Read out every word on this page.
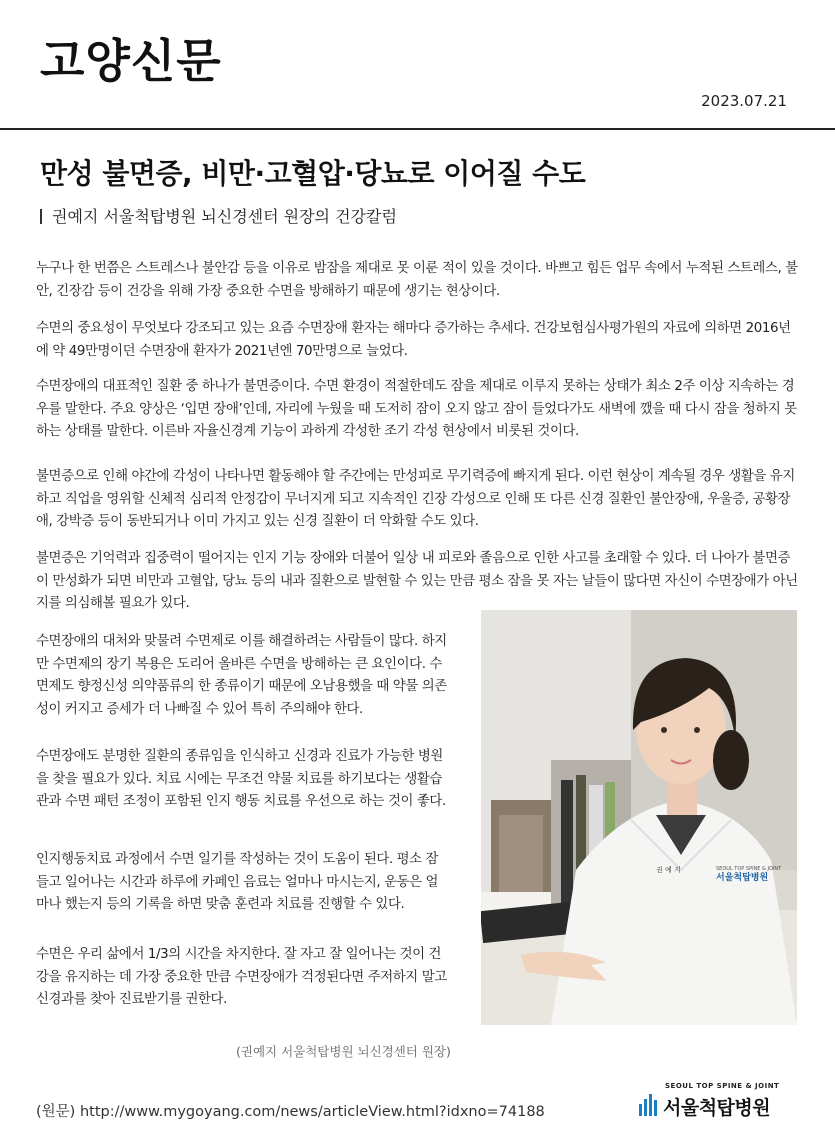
고양신문
2023.07.21
만성 불면증, 비만·고혈압·당뇨로 이어질 수도
권예지 서울척탑병원 뇌신경센터 원장의 건강칼럼

누구나 한 번쯤은 스트레스나 불안감 등을 이유로 밤잠을 제대로 못 이룬 적이 있을 것이다. 바쁘고 힘든 업무 속에서 누적된 스트레스, 불안, 긴장감 등이 건강을 위해 가장 중요한 수면을 방해하기 때문에 생기는 현상이다.

수면의 중요성이 무엇보다 강조되고 있는 요즘 수면장애 환자는 해마다 증가하는 추세다. 건강보험심사평가원의 자료에 의하면 2016년에 약 49만명이던 수면장애 환자가 2021년엔 70만명으로 늘었다.

수면장애의 대표적인 질환 중 하나가 불면증이다. 수면 환경이 적절한데도 잠을 제대로 이루지 못하는 상태가 최소 2주 이상 지속하는 경우를 말한다. 주요 양상은 ‘입면 장애’인데, 자리에 누웠을 때 도저히 잠이 오지 않고 잠이 들었다가도 새벽에 깼을 때 다시 잠을 청하지 못하는 상태를 말한다. 이른바 자율신경계 기능이 과하게 각성한 조기 각성 현상에서 비롯된 것이다.

불면증으로 인해 야간에 각성이 나타나면 활동해야 할 주간에는 만성피로 무기력증에 빠지게 된다. 이런 현상이 계속될 경우 생활을 유지하고 직업을 영위할 신체적 심리적 안정감이 무너지게 되고 지속적인 긴장 각성으로 인해 또 다른 신경 질환인 불안장애, 우울증, 공황장애, 강박증 등이 동반되거나 이미 가지고 있는 신경 질환이 더 악화할 수도 있다.

불면증은 기억력과 집중력이 떨어지는 인지 기능 장애와 더불어 일상 내 피로와 졸음으로 인한 사고를 초래할 수 있다. 더 나아가 불면증이 만성화가 되면 비만과 고혈압, 당뇨 등의 내과 질환으로 발현할 수 있는 만큼 평소 잠을 못 자는 날들이 많다면 자신이 수면장애가 아닌지를 의심해볼 필요가 있다.

수면장애의 대처와 맞물려 수면제로 이를 해결하려는 사람들이 많다. 하지만 수면제의 장기 복용은 도리어 올바른 수면을 방해하는 큰 요인이다. 수면제도 향정신성 의약품류의 한 종류이기 때문에 오남용했을 때 약물 의존성이 커지고 증세가 더 나빠질 수 있어 특히 주의해야 한다.

수면장애도 분명한 질환의 종류임을 인식하고 신경과 진료가 가능한 병원을 찾을 필요가 있다. 치료 시에는 무조건 약물 치료를 하기보다는 생활습관과 수면 패턴 조정이 포함된 인지 행동 치료를 우선으로 하는 것이 좋다.

인지행동치료 과정에서 수면 일기를 작성하는 것이 도움이 된다. 평소 잠들고 일어나는 시간과 하루에 카페인 음료는 얼마나 마시는지, 운동은 얼마나 했는지 등의 기록을 하면 맞춤 훈련과 치료를 진행할 수 있다.

수면은 우리 삶에서 1/3의 시간을 차지한다. 잘 자고 잘 일어나는 것이 건강을 유지하는 데 가장 중요한 만큼 수면장애가 걱정된다면 주저하지 말고 신경과를 찾아 진료받기를 권한다.

SEOUL TOP SPINE & JOINT
서울척탑병원
권 예 지
(권예지 서울척탑병원 뇌신경센터 원장)
(원문) http://www.mygoyang.com/news/articleView.html?idxno=74188
SEOUL TOP SPINE & JOINT
서울척탑병원
